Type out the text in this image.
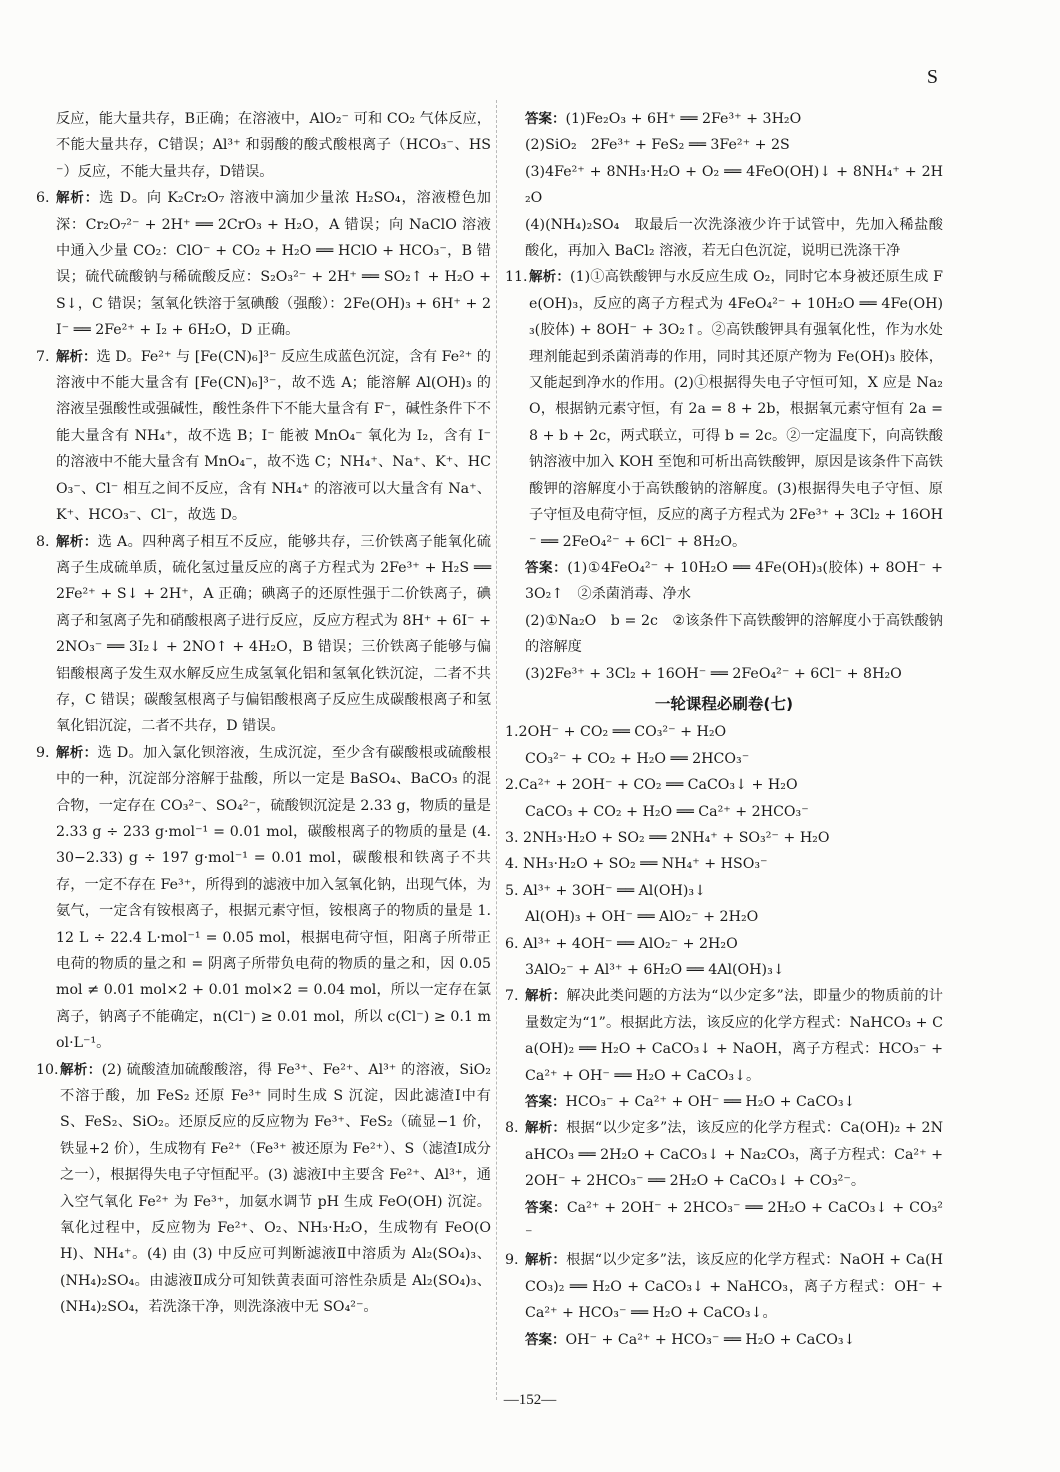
S

反应，能大量共存，B正确；在溶液中，AlO₂⁻ 可和 CO₂ 气体反应，不能大量共存，C错误；Al³⁺ 和弱酸的酸式酸根离子（HCO₃⁻、HS⁻）反应，不能大量共存，D错误。

6. 解析：选 D。向 K₂Cr₂O₇ 溶液中滴加少量浓 H₂SO₄，溶液橙色加深：Cr₂O₇²⁻ + 2H⁺ ══ 2CrO₃ + H₂O，A 错误；向 NaClO 溶液中通入少量 CO₂：ClO⁻ + CO₂ + H₂O ══ HClO + HCO₃⁻，B 错误；硫代硫酸钠与稀硫酸反应：S₂O₃²⁻ + 2H⁺ ══ SO₂↑ + H₂O + S↓，C 错误；氢氧化铁溶于氢碘酸（强酸）：2Fe(OH)₃ + 6H⁺ + 2I⁻ ══ 2Fe²⁺ + I₂ + 6H₂O，D 正确。
7. 解析：选 D。Fe²⁺ 与 [Fe(CN)₆]³⁻ 反应生成蓝色沉淀，含有 Fe²⁺ 的溶液中不能大量含有 [Fe(CN)₆]³⁻，故不选 A；能溶解 Al(OH)₃ 的溶液呈强酸性或强碱性，酸性条件下不能大量含有 F⁻，碱性条件下不能大量含有 NH₄⁺，故不选 B；I⁻ 能被 MnO₄⁻ 氧化为 I₂，含有 I⁻ 的溶液中不能大量含有 MnO₄⁻，故不选 C；NH₄⁺、Na⁺、K⁺、HCO₃⁻、Cl⁻ 相互之间不反应，含有 NH₄⁺ 的溶液可以大量含有 Na⁺、K⁺、HCO₃⁻、Cl⁻，故选 D。
8. 解析：选 A。四种离子相互不反应，能够共存，三价铁离子能氧化硫离子生成硫单质，硫化氢过量反应的离子方程式为 2Fe³⁺ + H₂S ══ 2Fe²⁺ + S↓ + 2H⁺，A 正确；碘离子的还原性强于二价铁离子，碘离子和氢离子先和硝酸根离子进行反应，反应方程式为 8H⁺ + 6I⁻ + 2NO₃⁻ ══ 3I₂↓ + 2NO↑ + 4H₂O，B 错误；三价铁离子能够与偏铝酸根离子发生双水解反应生成氢氧化铝和氢氧化铁沉淀，二者不共存，C 错误；碳酸氢根离子与偏铝酸根离子反应生成碳酸根离子和氢氧化铝沉淀，二者不共存，D 错误。
9. 解析：选 D。加入氯化钡溶液，生成沉淀，至少含有碳酸根或硫酸根中的一种，沉淀部分溶解于盐酸，所以一定是 BaSO₄、BaCO₃ 的混合物，一定存在 CO₃²⁻、SO₄²⁻，硫酸钡沉淀是 2.33 g，物质的量是 2.33 g ÷ 233 g·mol⁻¹ = 0.01 mol，碳酸根离子的物质的量是 (4.30−2.33) g ÷ 197 g·mol⁻¹ = 0.01 mol，碳酸根和铁离子不共存，一定不存在 Fe³⁺，所得到的滤液中加入氢氧化钠，出现气体，为氨气，一定含有铵根离子，根据元素守恒，铵根离子的物质的量是 1.12 L ÷ 22.4 L·mol⁻¹ = 0.05 mol，根据电荷守恒，阳离子所带正电荷的物质的量之和 = 阴离子所带负电荷的物质的量之和，因 0.05 mol ≠ 0.01 mol×2 + 0.01 mol×2 = 0.04 mol，所以一定存在氯离子，钠离子不能确定，n(Cl⁻) ≥ 0.01 mol，所以 c(Cl⁻) ≥ 0.1 mol·L⁻¹。
10. 解析：(2) 硫酸渣加硫酸酸溶，得 Fe³⁺、Fe²⁺、Al³⁺ 的溶液，SiO₂ 不溶于酸，加 FeS₂ 还原 Fe³⁺ 同时生成 S 沉淀，因此滤渣Ⅰ中有 S、FeS₂、SiO₂。还原反应的反应物为 Fe³⁺、FeS₂（硫显−1 价，铁显+2 价），生成物有 Fe²⁺（Fe³⁺ 被还原为 Fe²⁺）、S（滤渣Ⅰ成分之一），根据得失电子守恒配平。(3) 滤液Ⅰ中主要含 Fe²⁺、Al³⁺，通入空气氧化 Fe²⁺ 为 Fe³⁺，加氨水调节 pH 生成 FeO(OH) 沉淀。氧化过程中，反应物为 Fe²⁺、O₂、NH₃·H₂O，生成物有 FeO(OH)、NH₄⁺。(4) 由 (3) 中反应可判断滤液Ⅱ中溶质为 Al₂(SO₄)₃、(NH₄)₂SO₄。由滤液Ⅱ成分可知铁黄表面可溶性杂质是 Al₂(SO₄)₃、(NH₄)₂SO₄，若洗涤干净，则洗涤液中无 SO₄²⁻。

答案：(1)Fe₂O₃ + 6H⁺ ══ 2Fe³⁺ + 3H₂O

(2)SiO₂　2Fe³⁺ + FeS₂ ══ 3Fe²⁺ + 2S

(3)4Fe²⁺ + 8NH₃·H₂O + O₂ ══ 4FeO(OH)↓ + 8NH₄⁺ + 2H₂O

(4)(NH₄)₂SO₄　取最后一次洗涤液少许于试管中，先加入稀盐酸酸化，再加入 BaCl₂ 溶液，若无白色沉淀，说明已洗涤干净

11. 解析：(1)①高铁酸钾与水反应生成 O₂，同时它本身被还原生成 Fe(OH)₃，反应的离子方程式为 4FeO₄²⁻ + 10H₂O ══ 4Fe(OH)₃(胶体) + 8OH⁻ + 3O₂↑。②高铁酸钾具有强氧化性，作为水处理剂能起到杀菌消毒的作用，同时其还原产物为 Fe(OH)₃ 胶体，又能起到净水的作用。(2)①根据得失电子守恒可知，X 应是 Na₂O，根据钠元素守恒，有 2a = 8 + 2b，根据氧元素守恒有 2a = 8 + b + 2c，两式联立，可得 b = 2c。②一定温度下，向高铁酸钠溶液中加入 KOH 至饱和可析出高铁酸钾，原因是该条件下高铁酸钾的溶解度小于高铁酸钠的溶解度。(3)根据得失电子守恒、原子守恒及电荷守恒，反应的离子方程式为 2Fe³⁺ + 3Cl₂ + 16OH⁻ ══ 2FeO₄²⁻ + 6Cl⁻ + 8H₂O。

答案：(1)①4FeO₄²⁻ + 10H₂O ══ 4Fe(OH)₃(胶体) + 8OH⁻ + 3O₂↑　②杀菌消毒、净水

(2)①Na₂O　b = 2c　②该条件下高铁酸钾的溶解度小于高铁酸钠的溶解度

(3)2Fe³⁺ + 3Cl₂ + 16OH⁻ ══ 2FeO₄²⁻ + 6Cl⁻ + 8H₂O

一轮课程必刷卷(七)

1.2OH⁻ + CO₂ ══ CO₃²⁻ + H₂O

CO₃²⁻ + CO₂ + H₂O ══ 2HCO₃⁻

2.Ca²⁺ + 2OH⁻ + CO₂ ══ CaCO₃↓ + H₂O

CaCO₃ + CO₂ + H₂O ══ Ca²⁺ + 2HCO₃⁻

3. 2NH₃·H₂O + SO₂ ══ 2NH₄⁺ + SO₃²⁻ + H₂O

4. NH₃·H₂O + SO₂ ══ NH₄⁺ + HSO₃⁻

5. Al³⁺ + 3OH⁻ ══ Al(OH)₃↓

Al(OH)₃ + OH⁻ ══ AlO₂⁻ + 2H₂O

6. Al³⁺ + 4OH⁻ ══ AlO₂⁻ + 2H₂O

3AlO₂⁻ + Al³⁺ + 6H₂O ══ 4Al(OH)₃↓

7. 解析：解决此类问题的方法为“以少定多”法，即量少的物质前的计量数定为“1”。根据此方法，该反应的化学方程式：NaHCO₃ + Ca(OH)₂ ══ H₂O + CaCO₃↓ + NaOH，离子方程式：HCO₃⁻ + Ca²⁺ + OH⁻ ══ H₂O + CaCO₃↓。

答案：HCO₃⁻ + Ca²⁺ + OH⁻ ══ H₂O + CaCO₃↓

8. 解析：根据“以少定多”法，该反应的化学方程式：Ca(OH)₂ + 2NaHCO₃ ══ 2H₂O + CaCO₃↓ + Na₂CO₃，离子方程式：Ca²⁺ + 2OH⁻ + 2HCO₃⁻ ══ 2H₂O + CaCO₃↓ + CO₃²⁻。

答案：Ca²⁺ + 2OH⁻ + 2HCO₃⁻ ══ 2H₂O + CaCO₃↓ + CO₃²⁻

9. 解析：根据“以少定多”法，该反应的化学方程式：NaOH + Ca(HCO₃)₂ ══ H₂O + CaCO₃↓ + NaHCO₃，离子方程式：OH⁻ + Ca²⁺ + HCO₃⁻ ══ H₂O + CaCO₃↓。

答案：OH⁻ + Ca²⁺ + HCO₃⁻ ══ H₂O + CaCO₃↓

—152—
